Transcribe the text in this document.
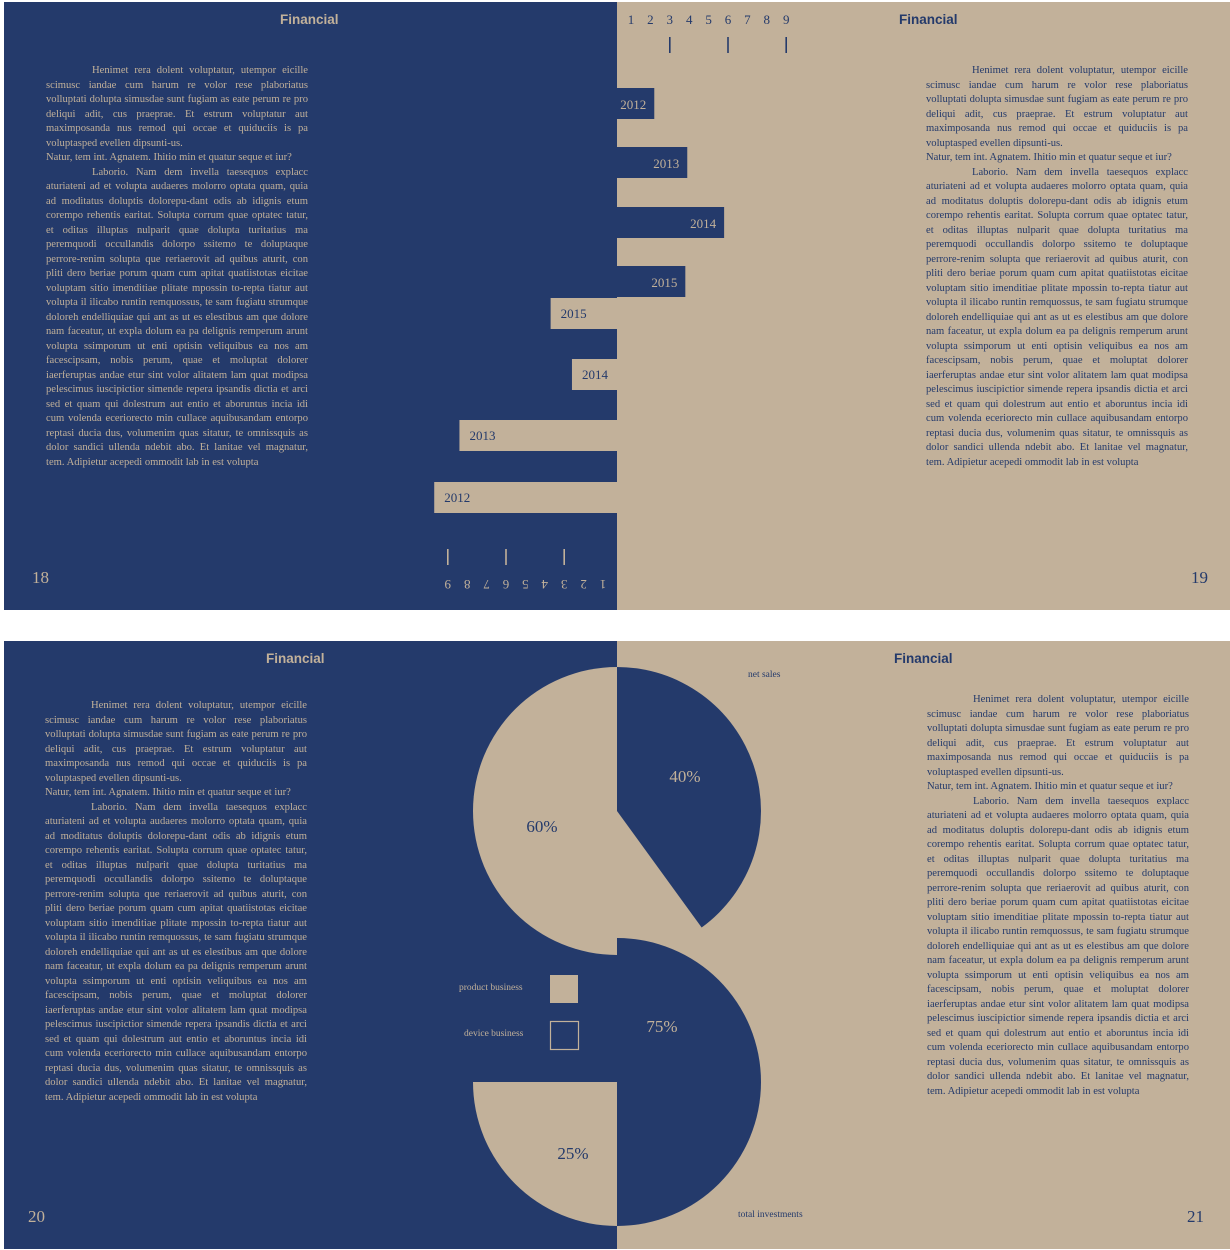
Financial

Henimet rera dolent voluptatur, utempor eicille scimusc iandae cum harum re volor rese plaboriatus volluptati dolupta simusdae sunt fugiam as eate perum re pro deliqui adit, cus praeprae. Et estrum voluptatur aut maximposanda nus remod qui occae et quiduciis is pa voluptasped evellen dipsunti-us.

Natur, tem int. Agnatem. Ihitio min et quatur seque et iur?

Laborio. Nam dem invella taesequos explacc aturiateni ad et volupta audaeres molorro optata quam, quia ad moditatus doluptis dolorepu-dant odis ab idignis etum corempo rehentis earitat. Solupta corrum quae optatec tatur, et oditas illuptas nulparit quae dolupta turitatius ma peremquodi occullandis dolorpo ssitemo te doluptaque perrore-renim solupta que reriaerovit ad quibus aturit, con pliti dero beriae porum quam cum apitat quatiistotas eicitae voluptam sitio imenditiae plitate mpossin to-repta tiatur aut volupta il ilicabo runtin remquossus, te sam fugiatu strumque doloreh endelliquiae qui ant as ut es elestibus am que dolore nam faceatur, ut expla dolum ea pa delignis remperum arunt volupta ssimporum ut enti optisin veliquibus ea nos am facescipsam, nobis perum, quae et moluptat dolorer iaerferuptas andae etur sint volor alitatem lam quat modipsa pelescimus iuscipictior simende repera ipsandis dictia et arci sed et quam qui dolestrum aut entio et aboruntus incia idi cum volenda eceriorecto min cullace aquibusandam entorpo reptasi ducia dus, volumenim quas sitatur, te omnissquis as dolor sandici ullenda ndebit abo. Et lanitae vel magnatur, tem. Adipietur acepedi ommodit lab in est volupta

18
Financial

Henimet rera dolent voluptatur, utempor eicille scimusc iandae cum harum re volor rese plaboriatus volluptati dolupta simusdae sunt fugiam as eate perum re pro deliqui adit, cus praeprae. Et estrum voluptatur aut maximposanda nus remod qui occae et quiduciis is pa voluptasped evellen dipsunti-us.

Natur, tem int. Agnatem. Ihitio min et quatur seque et iur?

Laborio. Nam dem invella taesequos explacc aturiateni ad et volupta audaeres molorro optata quam, quia ad moditatus doluptis dolorepu-dant odis ab idignis etum corempo rehentis earitat. Solupta corrum quae optatec tatur, et oditas illuptas nulparit quae dolupta turitatius ma peremquodi occullandis dolorpo ssitemo te doluptaque perrore-renim solupta que reriaerovit ad quibus aturit, con pliti dero beriae porum quam cum apitat quatiistotas eicitae voluptam sitio imenditiae plitate mpossin to-repta tiatur aut volupta il ilicabo runtin remquossus, te sam fugiatu strumque doloreh endelliquiae qui ant as ut es elestibus am que dolore nam faceatur, ut expla dolum ea pa delignis remperum arunt volupta ssimporum ut enti optisin veliquibus ea nos am facescipsam, nobis perum, quae et moluptat dolorer iaerferuptas andae etur sint volor alitatem lam quat modipsa pelescimus iuscipictior simende repera ipsandis dictia et arci sed et quam qui dolestrum aut entio et aboruntus incia idi cum volenda eceriorecto min cullace aquibusandam entorpo reptasi ducia dus, volumenim quas sitatur, te omnissquis as dolor sandici ullenda ndebit abo. Et lanitae vel magnatur, tem. Adipietur acepedi ommodit lab in est volupta

19
2012
2013
2014
2015
2012
2013
2014
2015
1
1
2
2
3
3
4
4
5
5
6
6
7
7
8
8
9
9
Financial

Henimet rera dolent voluptatur, utempor eicille scimusc iandae cum harum re volor rese plaboriatus volluptati dolupta simusdae sunt fugiam as eate perum re pro deliqui adit, cus praeprae. Et estrum voluptatur aut maximposanda nus remod qui occae et quiduciis is pa voluptasped evellen dipsunti-us.

Natur, tem int. Agnatem. Ihitio min et quatur seque et iur?

Laborio. Nam dem invella taesequos explacc aturiateni ad et volupta audaeres molorro optata quam, quia ad moditatus doluptis dolorepu-dant odis ab idignis etum corempo rehentis earitat. Solupta corrum quae optatec tatur, et oditas illuptas nulparit quae dolupta turitatius ma peremquodi occullandis dolorpo ssitemo te doluptaque perrore-renim solupta que reriaerovit ad quibus aturit, con pliti dero beriae porum quam cum apitat quatiistotas eicitae voluptam sitio imenditiae plitate mpossin to-repta tiatur aut volupta il ilicabo runtin remquossus, te sam fugiatu strumque doloreh endelliquiae qui ant as ut es elestibus am que dolore nam faceatur, ut expla dolum ea pa delignis remperum arunt volupta ssimporum ut enti optisin veliquibus ea nos am facescipsam, nobis perum, quae et moluptat dolorer iaerferuptas andae etur sint volor alitatem lam quat modipsa pelescimus iuscipictior simende repera ipsandis dictia et arci sed et quam qui dolestrum aut entio et aboruntus incia idi cum volenda eceriorecto min cullace aquibusandam entorpo reptasi ducia dus, volumenim quas sitatur, te omnissquis as dolor sandici ullenda ndebit abo. Et lanitae vel magnatur, tem. Adipietur acepedi ommodit lab in est volupta

20
Financial

Henimet rera dolent voluptatur, utempor eicille scimusc iandae cum harum re volor rese plaboriatus volluptati dolupta simusdae sunt fugiam as eate perum re pro deliqui adit, cus praeprae. Et estrum voluptatur aut maximposanda nus remod qui occae et quiduciis is pa voluptasped evellen dipsunti-us.

Natur, tem int. Agnatem. Ihitio min et quatur seque et iur?

Laborio. Nam dem invella taesequos explacc aturiateni ad et volupta audaeres molorro optata quam, quia ad moditatus doluptis dolorepu-dant odis ab idignis etum corempo rehentis earitat. Solupta corrum quae optatec tatur, et oditas illuptas nulparit quae dolupta turitatius ma peremquodi occullandis dolorpo ssitemo te doluptaque perrore-renim solupta que reriaerovit ad quibus aturit, con pliti dero beriae porum quam cum apitat quatiistotas eicitae voluptam sitio imenditiae plitate mpossin to-repta tiatur aut volupta il ilicabo runtin remquossus, te sam fugiatu strumque doloreh endelliquiae qui ant as ut es elestibus am que dolore nam faceatur, ut expla dolum ea pa delignis remperum arunt volupta ssimporum ut enti optisin veliquibus ea nos am facescipsam, nobis perum, quae et moluptat dolorer iaerferuptas andae etur sint volor alitatem lam quat modipsa pelescimus iuscipictior simende repera ipsandis dictia et arci sed et quam qui dolestrum aut entio et aboruntus incia idi cum volenda eceriorecto min cullace aquibusandam entorpo reptasi ducia dus, volumenim quas sitatur, te omnissquis as dolor sandici ullenda ndebit abo. Et lanitae vel magnatur, tem. Adipietur acepedi ommodit lab in est volupta

21
40%
60%
75%
25%
net sales
total investments
product business
device business
